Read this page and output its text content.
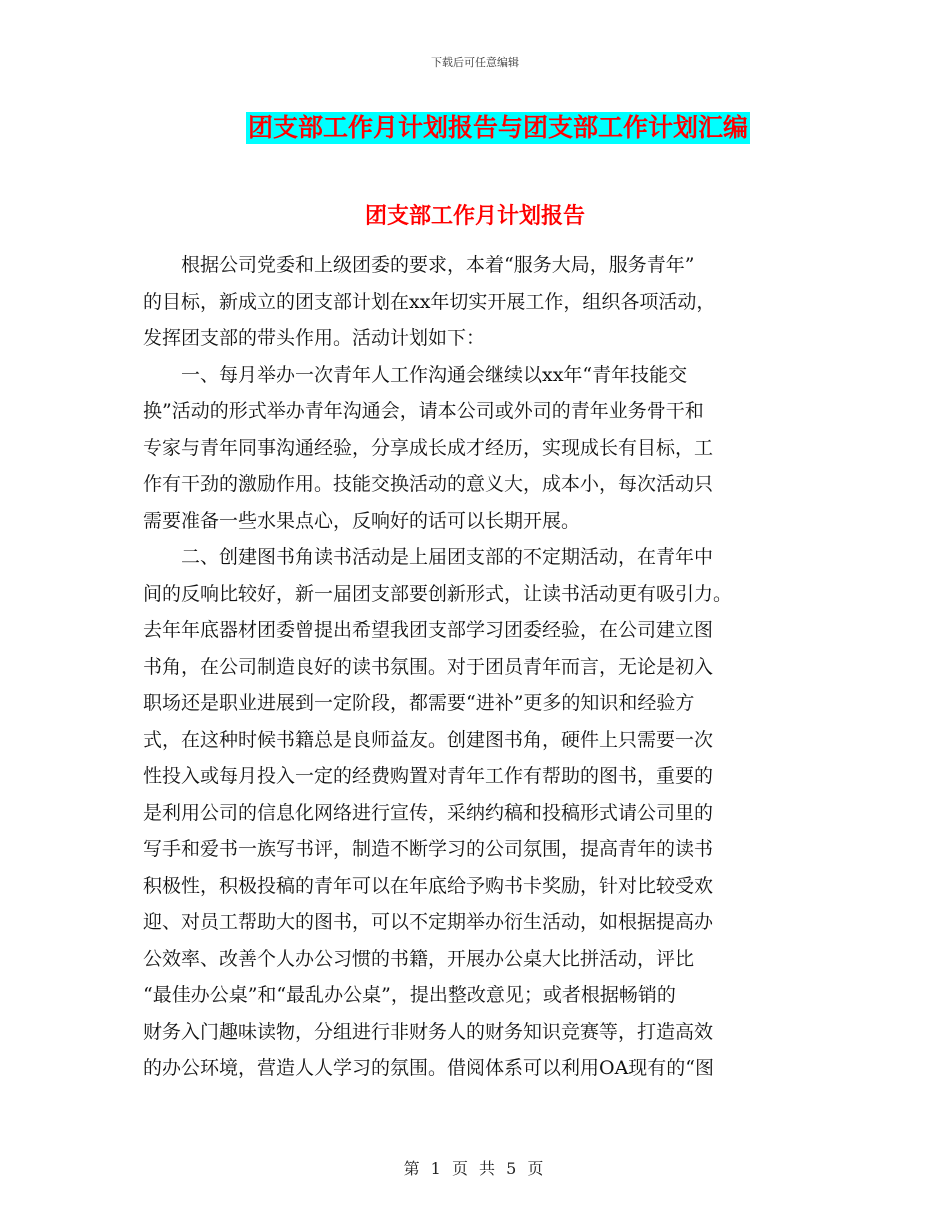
下载后可任意编辑
团支部工作月计划报告与团支部工作计划汇编
团支部工作月计划报告
　　根据公司党委和上级团委的要求，本着“服务大局，服务青年”
的目标，新成立的团支部计划在xx年切实开展工作，组织各项活动，
发挥团支部的带头作用。活动计划如下：
　　一、每月举办一次青年人工作沟通会继续以xx年“青年技能交
换”活动的形式举办青年沟通会，请本公司或外司的青年业务骨干和
专家与青年同事沟通经验，分享成长成才经历，实现成长有目标，工
作有干劲的激励作用。技能交换活动的意义大，成本小，每次活动只
需要准备一些水果点心，反响好的话可以长期开展。
　　二、创建图书角读书活动是上届团支部的不定期活动，在青年中
间的反响比较好，新一届团支部要创新形式，让读书活动更有吸引力。
去年年底器材团委曾提出希望我团支部学习团委经验，在公司建立图
书角，在公司制造良好的读书氛围。对于团员青年而言，无论是初入
职场还是职业进展到一定阶段，都需要“进补”更多的知识和经验方
式，在这种时候书籍总是良师益友。创建图书角，硬件上只需要一次
性投入或每月投入一定的经费购置对青年工作有帮助的图书，重要的
是利用公司的信息化网络进行宣传，采纳约稿和投稿形式请公司里的
写手和爱书一族写书评，制造不断学习的公司氛围，提高青年的读书
积极性，积极投稿的青年可以在年底给予购书卡奖励，针对比较受欢
迎、对员工帮助大的图书，可以不定期举办衍生活动，如根据提高办
公效率、改善个人办公习惯的书籍，开展办公桌大比拼活动，评比
“最佳办公桌”和“最乱办公桌”，提出整改意见；或者根据畅销的
财务入门趣味读物，分组进行非财务人的财务知识竞赛等，打造高效
的办公环境，营造人人学习的氛围。借阅体系可以利用OA现有的“图
第 1 页 共 5 页
